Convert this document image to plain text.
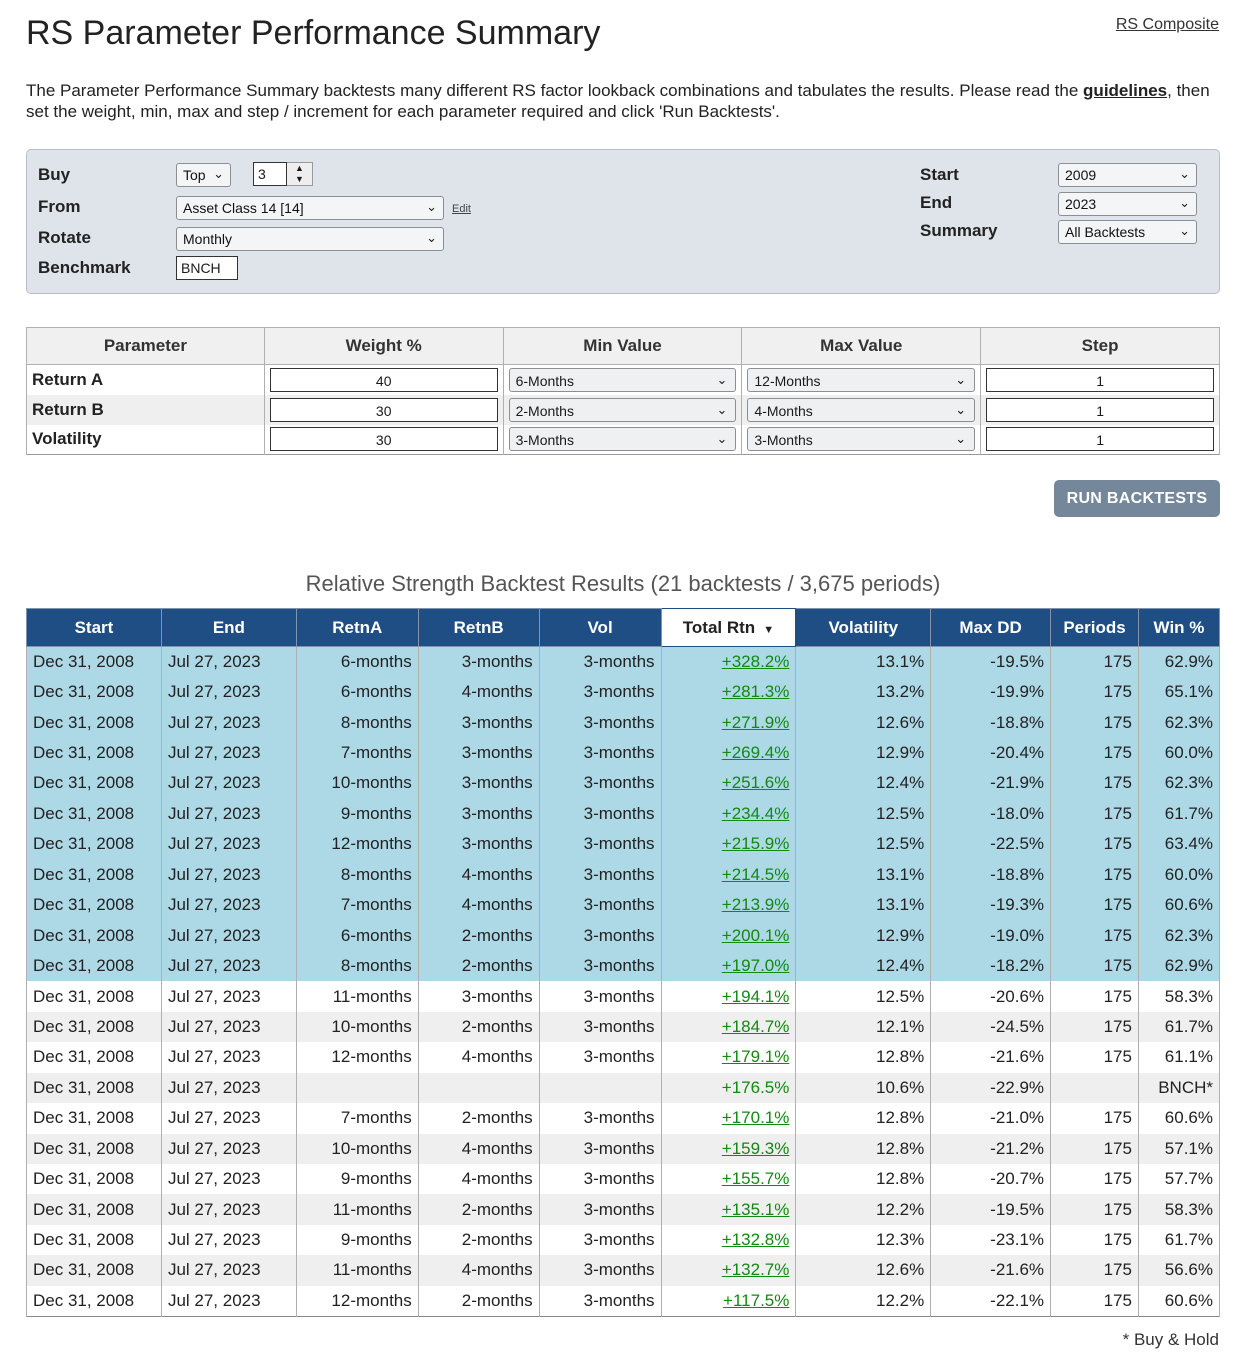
RS Parameter Performance Summary	RS Composite
The Parameter Performance Summary backtests many different RS factor lookback combinations and tabulates the results. Please read the guidelines, then set the weight, min, max and step / increment for each parameter required and click 'Run Backtests'.
Buy	Top ⌄	3	▲
▼
From	Asset Class 14 [14]	⌄ Edit
Rotate	Monthly	⌄
Benchmark	BNCH
Start	2009	⌄
End	2023	⌄
Summary	All Backtests	⌄
Parameter	Weight %	Min Value	Max Value	Step
Return A	40	6-Months ⌄	12-Months ⌄	1

Return B	30	2-Months ⌄	4-Months ⌄	1

Volatility	30	3-Months ⌄	3-Months ⌄	1
RUN BACKTESTS
Relative Strength Backtest Results (21 backtests / 3,675 periods)
Start	End	RetnA	RetnB	Vol	Total Rtn ▼	Volatility	Max DD	Periods	Win %
Dec 31, 2008	Jul 27, 2023	6-months	3-months	3-months	+328.2%	13.1%	-19.5%	175	62.9%
Dec 31, 2008	Jul 27, 2023	6-months	4-months	3-months	+281.3%	13.2%	-19.9%	175	65.1%
Dec 31, 2008	Jul 27, 2023	8-months	3-months	3-months	+271.9%	12.6%	-18.8%	175	62.3%
Dec 31, 2008	Jul 27, 2023	7-months	3-months	3-months	+269.4%	12.9%	-20.4%	175	60.0%
Dec 31, 2008	Jul 27, 2023	10-months	3-months	3-months	+251.6%	12.4%	-21.9%	175	62.3%
Dec 31, 2008	Jul 27, 2023	9-months	3-months	3-months	+234.4%	12.5%	-18.0%	175	61.7%
Dec 31, 2008	Jul 27, 2023	12-months	3-months	3-months	+215.9%	12.5%	-22.5%	175	63.4%
Dec 31, 2008	Jul 27, 2023	8-months	4-months	3-months	+214.5%	13.1%	-18.8%	175	60.0%
Dec 31, 2008	Jul 27, 2023	7-months	4-months	3-months	+213.9%	13.1%	-19.3%	175	60.6%
Dec 31, 2008	Jul 27, 2023	6-months	2-months	3-months	+200.1%	12.9%	-19.0%	175	62.3%
Dec 31, 2008	Jul 27, 2023	8-months	2-months	3-months	+197.0%	12.4%	-18.2%	175	62.9%
Dec 31, 2008	Jul 27, 2023	11-months	3-months	3-months	+194.1%	12.5%	-20.6%	175	58.3%
Dec 31, 2008	Jul 27, 2023	10-months	2-months	3-months	+184.7%	12.1%	-24.5%	175	61.7%
Dec 31, 2008	Jul 27, 2023	12-months	4-months	3-months	+179.1%	12.8%	-21.6%	175	61.1%
Dec 31, 2008	Jul 27, 2023				+176.5%	10.6%	-22.9%		BNCH*
Dec 31, 2008	Jul 27, 2023	7-months	2-months	3-months	+170.1%	12.8%	-21.0%	175	60.6%
Dec 31, 2008	Jul 27, 2023	10-months	4-months	3-months	+159.3%	12.8%	-21.2%	175	57.1%
Dec 31, 2008	Jul 27, 2023	9-months	4-months	3-months	+155.7%	12.8%	-20.7%	175	57.7%
Dec 31, 2008	Jul 27, 2023	11-months	2-months	3-months	+135.1%	12.2%	-19.5%	175	58.3%
Dec 31, 2008	Jul 27, 2023	9-months	2-months	3-months	+132.8%	12.3%	-23.1%	175	61.7%
Dec 31, 2008	Jul 27, 2023	11-months	4-months	3-months	+132.7%	12.6%	-21.6%	175	56.6%
Dec 31, 2008	Jul 27, 2023	12-months	2-months	3-months	+117.5%	12.2%	-22.1%	175	60.6%
* Buy & Hold
